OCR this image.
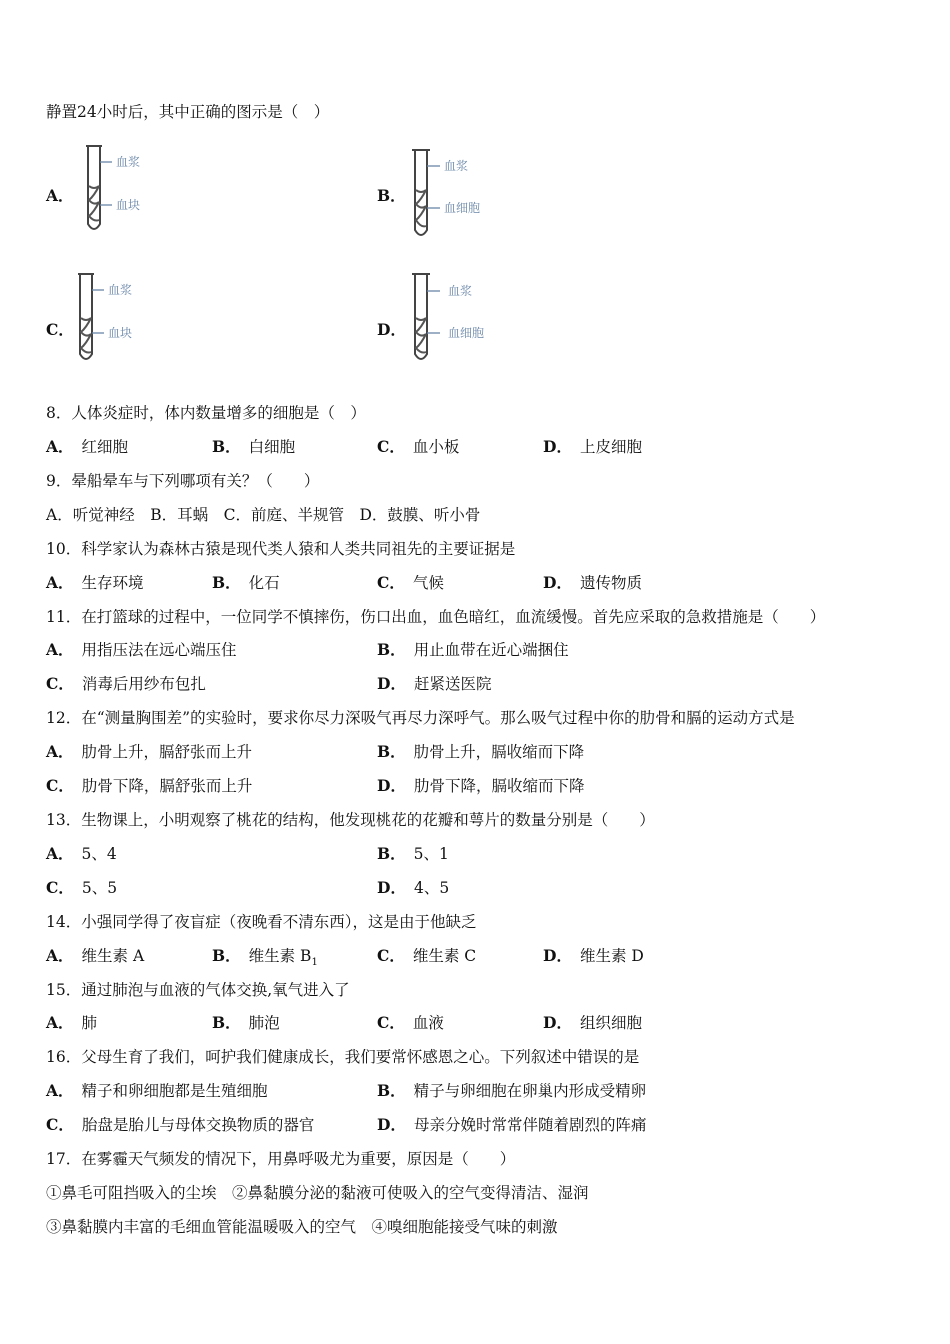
静置24小时后，其中正确的图示是（　）
A．
血浆
血块	B．
血浆
血细胞
C．
血浆
血块	D．
血浆
血细胞
8．人体炎症时，体内数量增多的细胞是（　）
A． 红细胞	B． 白细胞	C． 血小板	D． 上皮细胞
9．晕船晕车与下列哪项有关？（　　）
A．听觉神经　B．耳蜗　C．前庭、半规管　D．鼓膜、听小骨
10．科学家认为森林古猿是现代类人猿和人类共同祖先的主要证据是
A． 生存环境	B． 化石	C． 气候	D． 遗传物质
11．在打篮球的过程中，一位同学不慎摔伤，伤口出血，血色暗红，血流缓慢。首先应采取的急救措施是（　　）
A． 用指压法在远心端压住	B． 用止血带在近心端捆住
C． 消毒后用纱布包扎	D． 赶紧送医院
12．在“测量胸围差”的实验时，要求你尽力深吸气再尽力深呼气。那么吸气过程中你的肋骨和膈的运动方式是
A． 肋骨上升，膈舒张而上升	B． 肋骨上升，膈收缩而下降
C． 肋骨下降，膈舒张而上升	D． 肋骨下降，膈收缩而下降
13．生物课上，小明观察了桃花的结构，他发现桃花的花瓣和萼片的数量分别是（　　）
A． 5、4	B． 5、1
C． 5、5	D． 4、5
14．小强同学得了夜盲症（夜晚看不清东西），这是由于他缺乏
A． 维生素 A	B． 维生素 $B_1$	C． 维生素 C	D． 维生素 D
15．通过肺泡与血液的气体交换,氧气进入了
A． 肺	B． 肺泡	C． 血液	D． 组织细胞
16．父母生育了我们，呵护我们健康成长，我们要常怀感恩之心。下列叙述中错误的是
A． 精子和卵细胞都是生殖细胞	B． 精子与卵细胞在卵巢内形成受精卵
C． 胎盘是胎儿与母体交换物质的器官	D． 母亲分娩时常常伴随着剧烈的阵痛
17．在雾霾天气频发的情况下，用鼻呼吸尤为重要，原因是（　　）
①鼻毛可阻挡吸入的尘埃　②鼻黏膜分泌的黏液可使吸入的空气变得清洁、湿润
③鼻黏膜内丰富的毛细血管能温暖吸入的空气　④嗅细胞能接受气味的刺激
